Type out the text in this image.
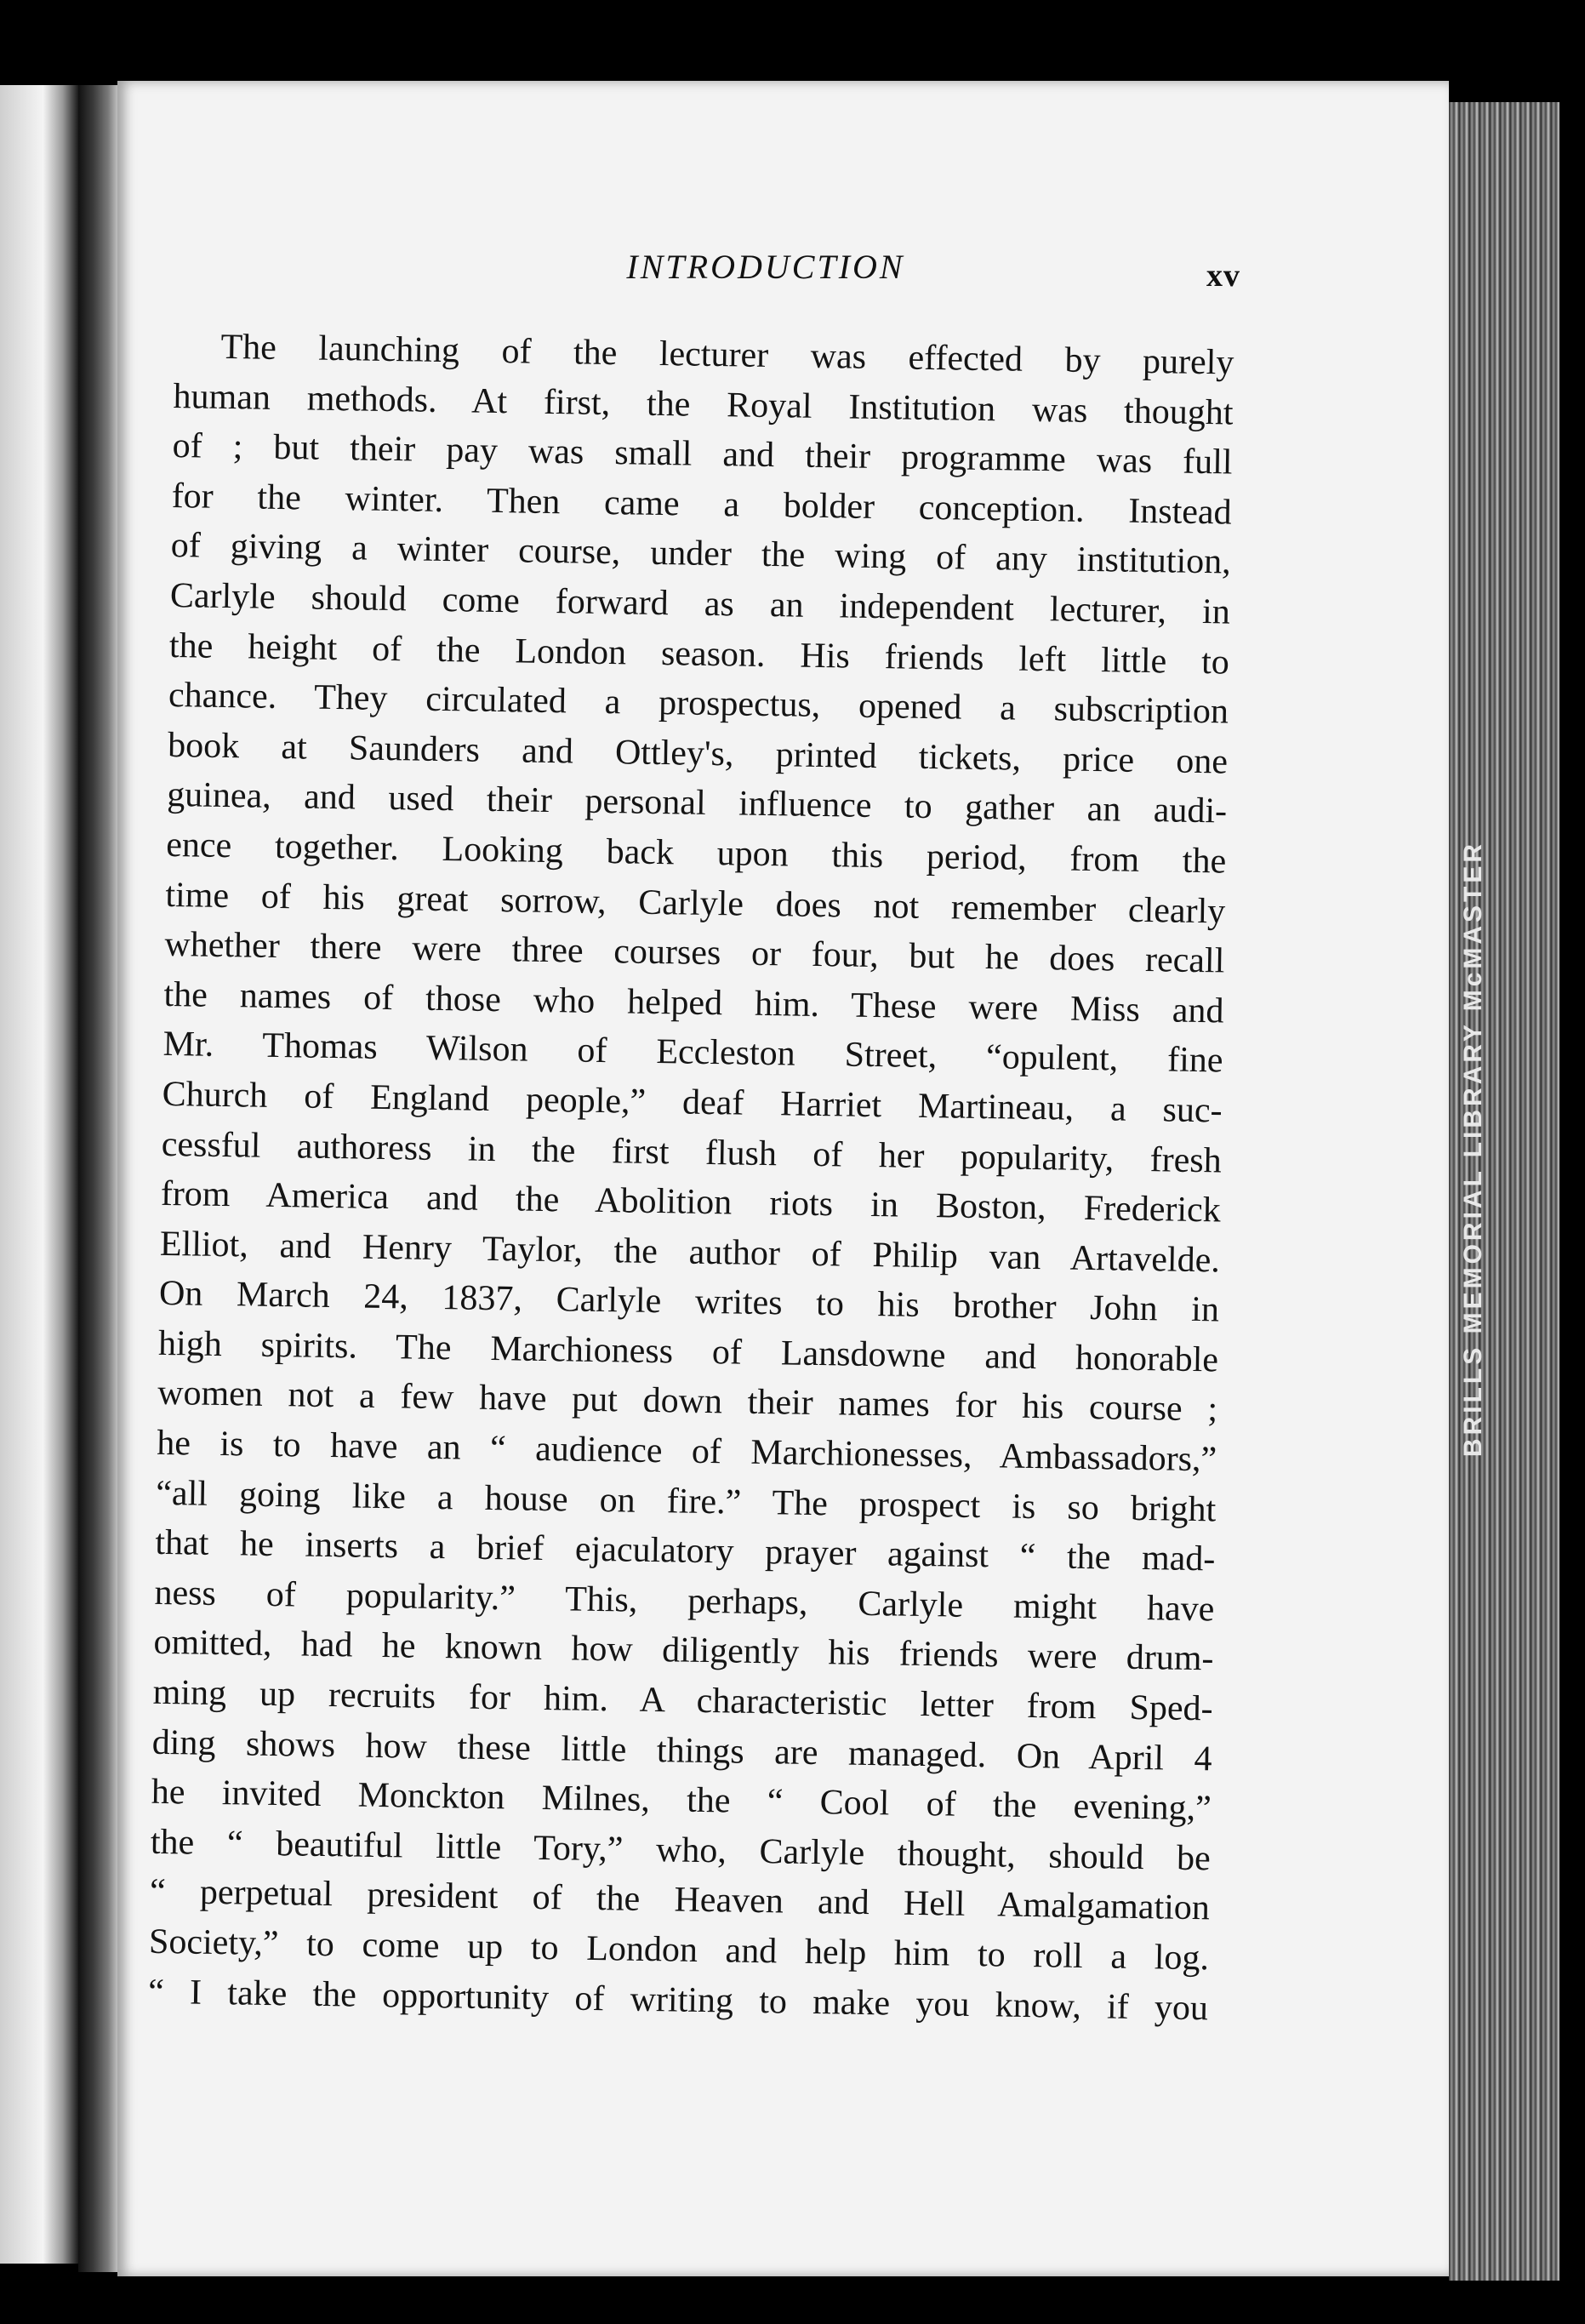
BRILLS MEMORIAL LIBRARY McMASTER
INTRODUCTION	xv
The launching of the lecturer was effected by purely
human methods. At first, the Royal Institution was thought
of ; but their pay was small and their programme was full
for the winter. Then came a bolder conception. Instead
of giving a winter course, under the wing of any institution,
Carlyle should come forward as an independent lecturer, in
the height of the London season. His friends left little to
chance. They circulated a prospectus, opened a subscription
book at Saunders and Ottley's, printed tickets, price one
guinea, and used their personal influence to gather an audi-
ence together. Looking back upon this period, from the
time of his great sorrow, Carlyle does not remember clearly
whether there were three courses or four, but he does recall
the names of those who helped him. These were Miss and
Mr. Thomas Wilson of Eccleston Street, “opulent, fine
Church of England people,” deaf Harriet Martineau, a suc-
cessful authoress in the first flush of her popularity, fresh
from America and the Abolition riots in Boston, Frederick
Elliot, and Henry Taylor, the author of Philip van Artavelde.
On March 24, 1837, Carlyle writes to his brother John in
high spirits. The Marchioness of Lansdowne and honorable
women not a few have put down their names for his course ;
he is to have an “ audience of Marchionesses, Ambassadors,”
“all going like a house on fire.” The prospect is so bright
that he inserts a brief ejaculatory prayer against “ the mad-
ness of popularity.” This, perhaps, Carlyle might have
omitted, had he known how diligently his friends were drum-
ming up recruits for him. A characteristic letter from Sped-
ding shows how these little things are managed. On April 4
he invited Monckton Milnes, the “ Cool of the evening,”
the “ beautiful little Tory,” who, Carlyle thought, should be
“ perpetual president of the Heaven and Hell Amalgamation
Society,” to come up to London and help him to roll a log.
“ I take the opportunity of writing to make you know, if you
